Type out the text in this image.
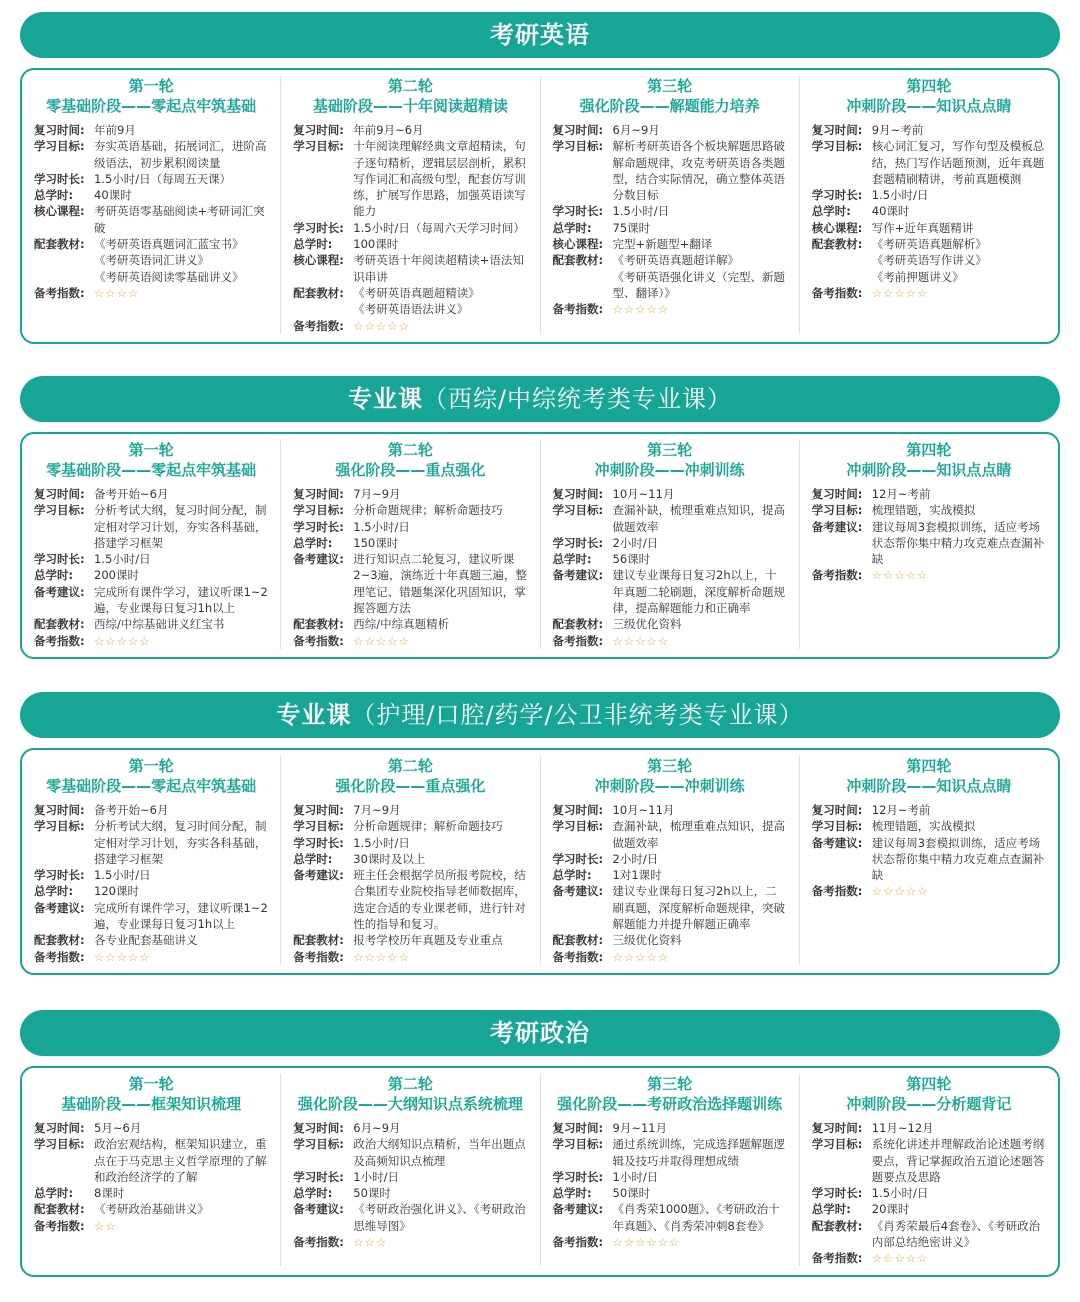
考研英语
第一轮
零基础阶段——零起点牢筑基础
复习时间: 年前9月
学习目标: 夯实英语基础，拓展词汇，进阶高级语法，初步累积阅读量
学习时长: 1.5小时/日（每周五天课）
总学时:	40课时
核心课程: 考研英语零基础阅读+考研词汇突破
配套教材: 《考研英语真题词汇蓝宝书》
《考研英语词汇讲义》
《考研英语阅读零基础讲义》
备考指数: ☆☆☆☆
第二轮
基础阶段——十年阅读超精读
复习时间: 年前9月~6月
学习目标: 十年阅读理解经典文章超精读，句子逐句精析，逻辑层层剖析，累积写作词汇和高级句型，配套仿写训练，扩展写作思路，加强英语读写能力
学习时长: 1.5小时/日（每周六天学习时间）
总学时:	100课时
核心课程: 考研英语十年阅读超精读+语法知识串讲
配套教材: 《考研英语真题超精读》
《考研英语语法讲义》
备考指数: ☆☆☆☆☆
第三轮
强化阶段——解题能力培养
复习时间: 6月~9月
学习目标: 解析考研英语各个板块解题思路破解命题规律，攻克考研英语各类题型，结合实际情况，确立整体英语分数目标
学习时长: 1.5小时/日
总学时:	75课时
核心课程: 完型+新题型+翻译
配套教材: 《考研英语真题超详解》
《考研英语强化讲义（完型、新题型、翻译）》
备考指数: ☆☆☆☆☆
第四轮
冲刺阶段——知识点点睛
复习时间: 9月~考前
学习目标: 核心词汇复习，写作句型及模板总结，热门写作话题预测，近年真题套题精刷精讲，考前真题模测
学习时长: 1.5小时/日
总学时:	40课时
核心课程: 写作+近年真题精讲
配套教材: 《考研英语真题解析》
《考研英语写作讲义》
《考前押题讲义》
备考指数: ☆☆☆☆☆
专业课（西综/中综统考类专业课）
第一轮
零基础阶段——零起点牢筑基础
复习时间: 备考开始~6月
学习目标: 分析考试大纲，复习时间分配，制定相对学习计划，夯实各科基础，搭建学习框架
学习时长: 1.5小时/日
总学时:	200课时
备考建议: 完成所有课件学习，建议听课1~2遍，专业课每日复习1h以上
配套教材: 西综/中综基础讲义红宝书
备考指数: ☆☆☆☆☆
第二轮
强化阶段——重点强化
复习时间: 7月~9月
学习目标: 分析命题规律；解析命题技巧
学习时长: 1.5小时/日
总学时:	150课时
备考建议: 进行知识点二轮复习，建议听课2~3遍，演练近十年真题三遍，整理笔记、错题集深化巩固知识，掌握答题方法
配套教材: 西综/中综真题精析
备考指数: ☆☆☆☆☆
第三轮
冲刺阶段——冲刺训练
复习时间: 10月~11月
学习目标: 查漏补缺，梳理重难点知识，提高做题效率
学习时长: 2小时/日
总学时:	56课时
备考建议: 建议专业课每日复习2h以上，十年真题二轮刷题，深度解析命题规律，提高解题能力和正确率
配套教材: 三级优化资料
备考指数: ☆☆☆☆☆
第四轮
冲刺阶段——知识点点睛
复习时间: 12月~考前
学习目标: 梳理错题，实战模拟
备考建议: 建议每周3套模拟训练，适应考场状态帮你集中精力攻克难点查漏补缺
备考指数: ☆☆☆☆☆
专业课（护理/口腔/药学/公卫非统考类专业课）
第一轮
零基础阶段——零起点牢筑基础
复习时间: 备考开始~6月
学习目标: 分析考试大纲，复习时间分配，制定相对学习计划，夯实各科基础，搭建学习框架
学习时长: 1.5小时/日
总学时:	120课时
备考建议: 完成所有课件学习，建议听课1~2遍，专业课每日复习1h以上
配套教材: 各专业配套基础讲义
备考指数: ☆☆☆☆☆
第二轮
强化阶段——重点强化
复习时间: 7月~9月
学习目标: 分析命题规律；解析命题技巧
学习时长: 1.5小时/日
总学时:	30课时及以上
备考建议: 班主任会根据学员所报考院校，结合集团专业院校指导老师数据库，选定合适的专业课老师，进行针对性的指导和复习。
配套教材: 报考学校历年真题及专业重点
备考指数: ☆☆☆☆☆
第三轮
冲刺阶段——冲刺训练
复习时间: 10月~11月
学习目标: 查漏补缺，梳理重难点知识，提高做题效率
学习时长: 2小时/日
总学时:	1对1课时
备考建议: 建议专业课每日复习2h以上，二刷真题，深度解析命题规律，突破解题能力并提升解题正确率
配套教材: 三级优化资料
备考指数: ☆☆☆☆☆
第四轮
冲刺阶段——知识点点睛
复习时间: 12月~考前
学习目标: 梳理错题，实战模拟
备考建议: 建议每周3套模拟训练，适应考场状态帮你集中精力攻克难点查漏补缺
备考指数: ☆☆☆☆☆
考研政治
第一轮
基础阶段——框架知识梳理
复习时间: 5月~6月
学习目标: 政治宏观结构，框架知识建立，重点在于马克思主义哲学原理的了解和政治经济学的了解
总学时:	8课时
配套教材: 《考研政治基础讲义》
备考指数: ☆☆
第二轮
强化阶段——大纲知识点系统梳理
复习时间: 6月~9月
学习目标: 政治大纲知识点精析，当年出题点及高频知识点梳理
学习时长: 1小时/日
总学时:	50课时
备考建议: 《考研政治强化讲义》、《考研政治思维导图》
备考指数: ☆☆☆
第三轮
强化阶段——考研政治选择题训练
复习时间: 9月~11月
学习目标: 通过系统训练，完成选择题解题逻辑及技巧并取得理想成绩
学习时长: 1小时/日
总学时:	50课时
备考建议: 《肖秀荣1000题》、《考研政治十年真题》、《肖秀荣冲刺8套卷》
备考指数: ☆☆☆☆☆☆
第四轮
冲刺阶段——分析题背记
复习时间: 11月~12月
学习目标: 系统化讲述并理解政治论述题考纲要点，背记掌握政治五道论述题答题要点及思路
学习时长: 1.5小时/日
总学时:	20课时
配套教材: 《肖秀荣最后4套卷》、《考研政治内部总结绝密讲义》
备考指数: ☆☆☆☆☆
